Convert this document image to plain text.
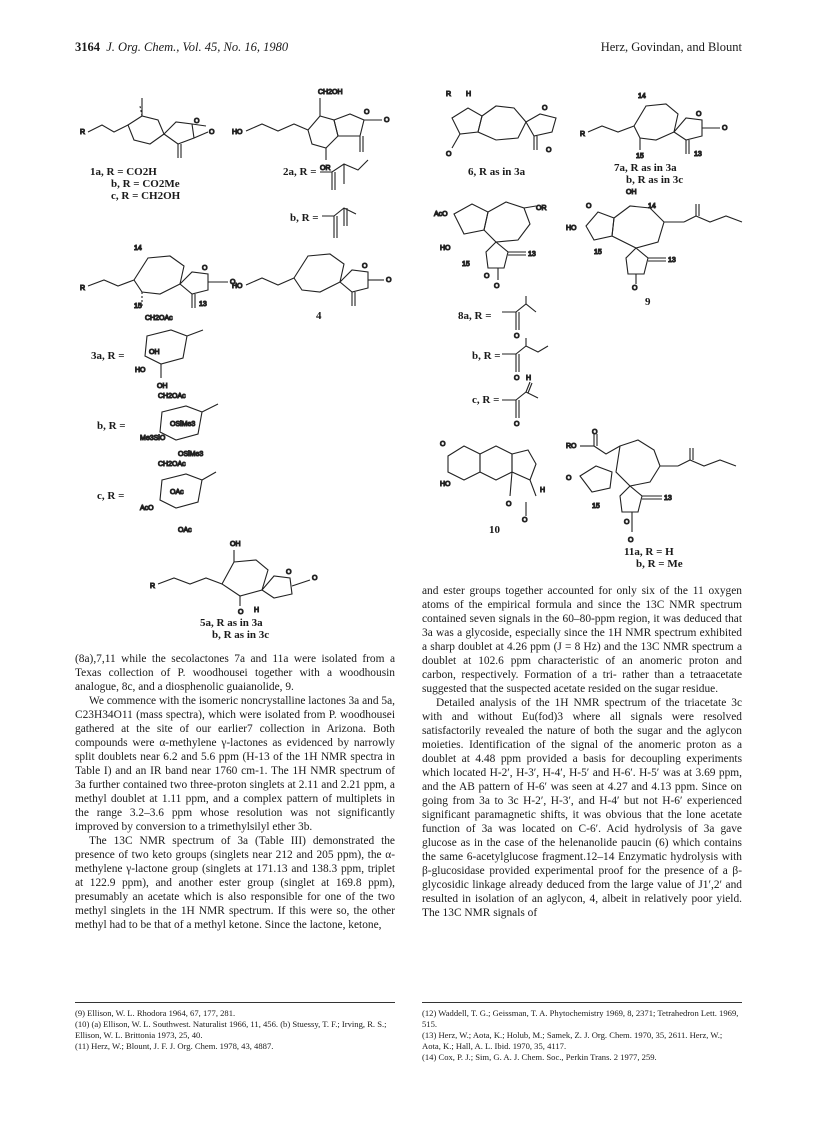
3164 J. Org. Chem., Vol. 45, No. 16, 1980	Herz, Govindan, and Blount
R
O
O
1a, R = CO2H
b, R = CO2Me
c, R = CH2OH
CH2OH
HO
O
O
OR
2a, R =
b, R =
14
R
O
O
13
15
3a, R =
CH2OAc
OH
HO
OH
b, R =
CH2OAc
OSiMe3
Me3SiO
OSiMe3
c, R =
CH2OAc
OAc
AcO
OAc
HO
O
O
4
OH
R
O
O
O H
5a, R as in 3a
b, R as in 3c
R H
O
O
O
6, R as in 3a
14
R
O
O
13
15
7a, R as in 3a
b, R as in 3c
AcO
OR
13
O
O
HO
15
8a, R =
O
b, R =
O
c, R =
H
O
OH
14
HO
O
13
O
15
9
O
H
HO
O
O
10
RO
O
O
13
O
O
15
11a, R = H
b, R = Me

(8a),7,11 while the secolactones 7a and 11a were isolated from a Texas collection of P. woodhousei together with a woodhousin analogue, 8c, and a diosphenolic guaianolide, 9.

We commence with the isomeric noncrystalline lactones 3a and 5a, C23H34O11 (mass spectra), which were isolated from P. woodhousei gathered at the site of our earlier7 collection in Arizona. Both compounds were α-methylene γ-lactones as evidenced by narrowly split doublets near 6.2 and 5.6 ppm (H-13 of the 1H NMR spectra in Table I) and an IR band near 1760 cm-1. The 1H NMR spectrum of 3a further contained two three-proton singlets at 2.11 and 2.21 ppm, a methyl doublet at 1.11 ppm, and a complex pattern of multiplets in the range 3.2–3.6 ppm whose resolution was not significantly improved by conversion to a trimethylsilyl ether 3b.

The 13C NMR spectrum of 3a (Table III) demonstrated the presence of two keto groups (singlets near 212 and 205 ppm), the α-methylene γ-lactone group (singlets at 171.13 and 138.3 ppm, triplet at 122.9 ppm), and another ester group (singlet at 169.8 ppm), presumably an acetate which is also responsible for one of the two methyl singlets in the 1H NMR spectrum. If this were so, the other methyl had to be that of a methyl ketone. Since the lactone, ketone,

and ester groups together accounted for only six of the 11 oxygen atoms of the empirical formula and since the 13C NMR spectrum contained seven signals in the 60–80-ppm region, it was deduced that 3a was a glycoside, especially since the 1H NMR spectrum exhibited a sharp doublet at 4.26 ppm (J = 8 Hz) and the 13C NMR spectrum a doublet at 102.6 ppm characteristic of an anomeric proton and carbon, respectively. Formation of a tri- rather than a tetraacetate suggested that the suspected acetate resided on the sugar residue.

Detailed analysis of the 1H NMR spectrum of the triacetate 3c with and without Eu(fod)3 where all signals were resolved satisfactorily revealed the nature of both the sugar and the aglycon moieties. Identification of the signal of the anomeric proton as a doublet at 4.48 ppm provided a basis for decoupling experiments which located H-2′, H-3′, H-4′, H-5′ and H-6′. H-5′ was at 3.69 ppm, and the AB pattern of H-6′ was seen at 4.27 and 4.13 ppm. Since on going from 3a to 3c H-2′, H-3′, and H-4′ but not H-6′ experienced significant paramagnetic shifts, it was obvious that the lone acetate function of 3a was located on C-6′. Acid hydrolysis of 3a gave glucose as in the case of the helenanolide paucin (6) which contains the same 6-acetylglucose fragment.12–14 Enzymatic hydrolysis with β-glucosidase provided experimental proof for the presence of a β-glycosidic linkage already deduced from the large value of J1′,2′ and resulted in isolation of an aglycon, 4, albeit in relatively poor yield. The 13C NMR signals of

(9) Ellison, W. L. Rhodora 1964, 67, 177, 281.
(10) (a) Ellison, W. L. Southwest. Naturalist 1966, 11, 456. (b) Stuessy, T. F.; Irving, R. S.; Ellison, W. L. Brittonia 1973, 25, 40.
(11) Herz, W.; Blount, J. F. J. Org. Chem. 1978, 43, 4887.
(12) Waddell, T. G.; Geissman, T. A. Phytochemistry 1969, 8, 2371; Tetrahedron Lett. 1969, 515.
(13) Herz, W.; Aota, K.; Holub, M.; Samek, Z. J. Org. Chem. 1970, 35, 2611. Herz, W.; Aota, K.; Hall, A. L. Ibid. 1970, 35, 4117.
(14) Cox, P. J.; Sim, G. A. J. Chem. Soc., Perkin Trans. 2 1977, 259.
